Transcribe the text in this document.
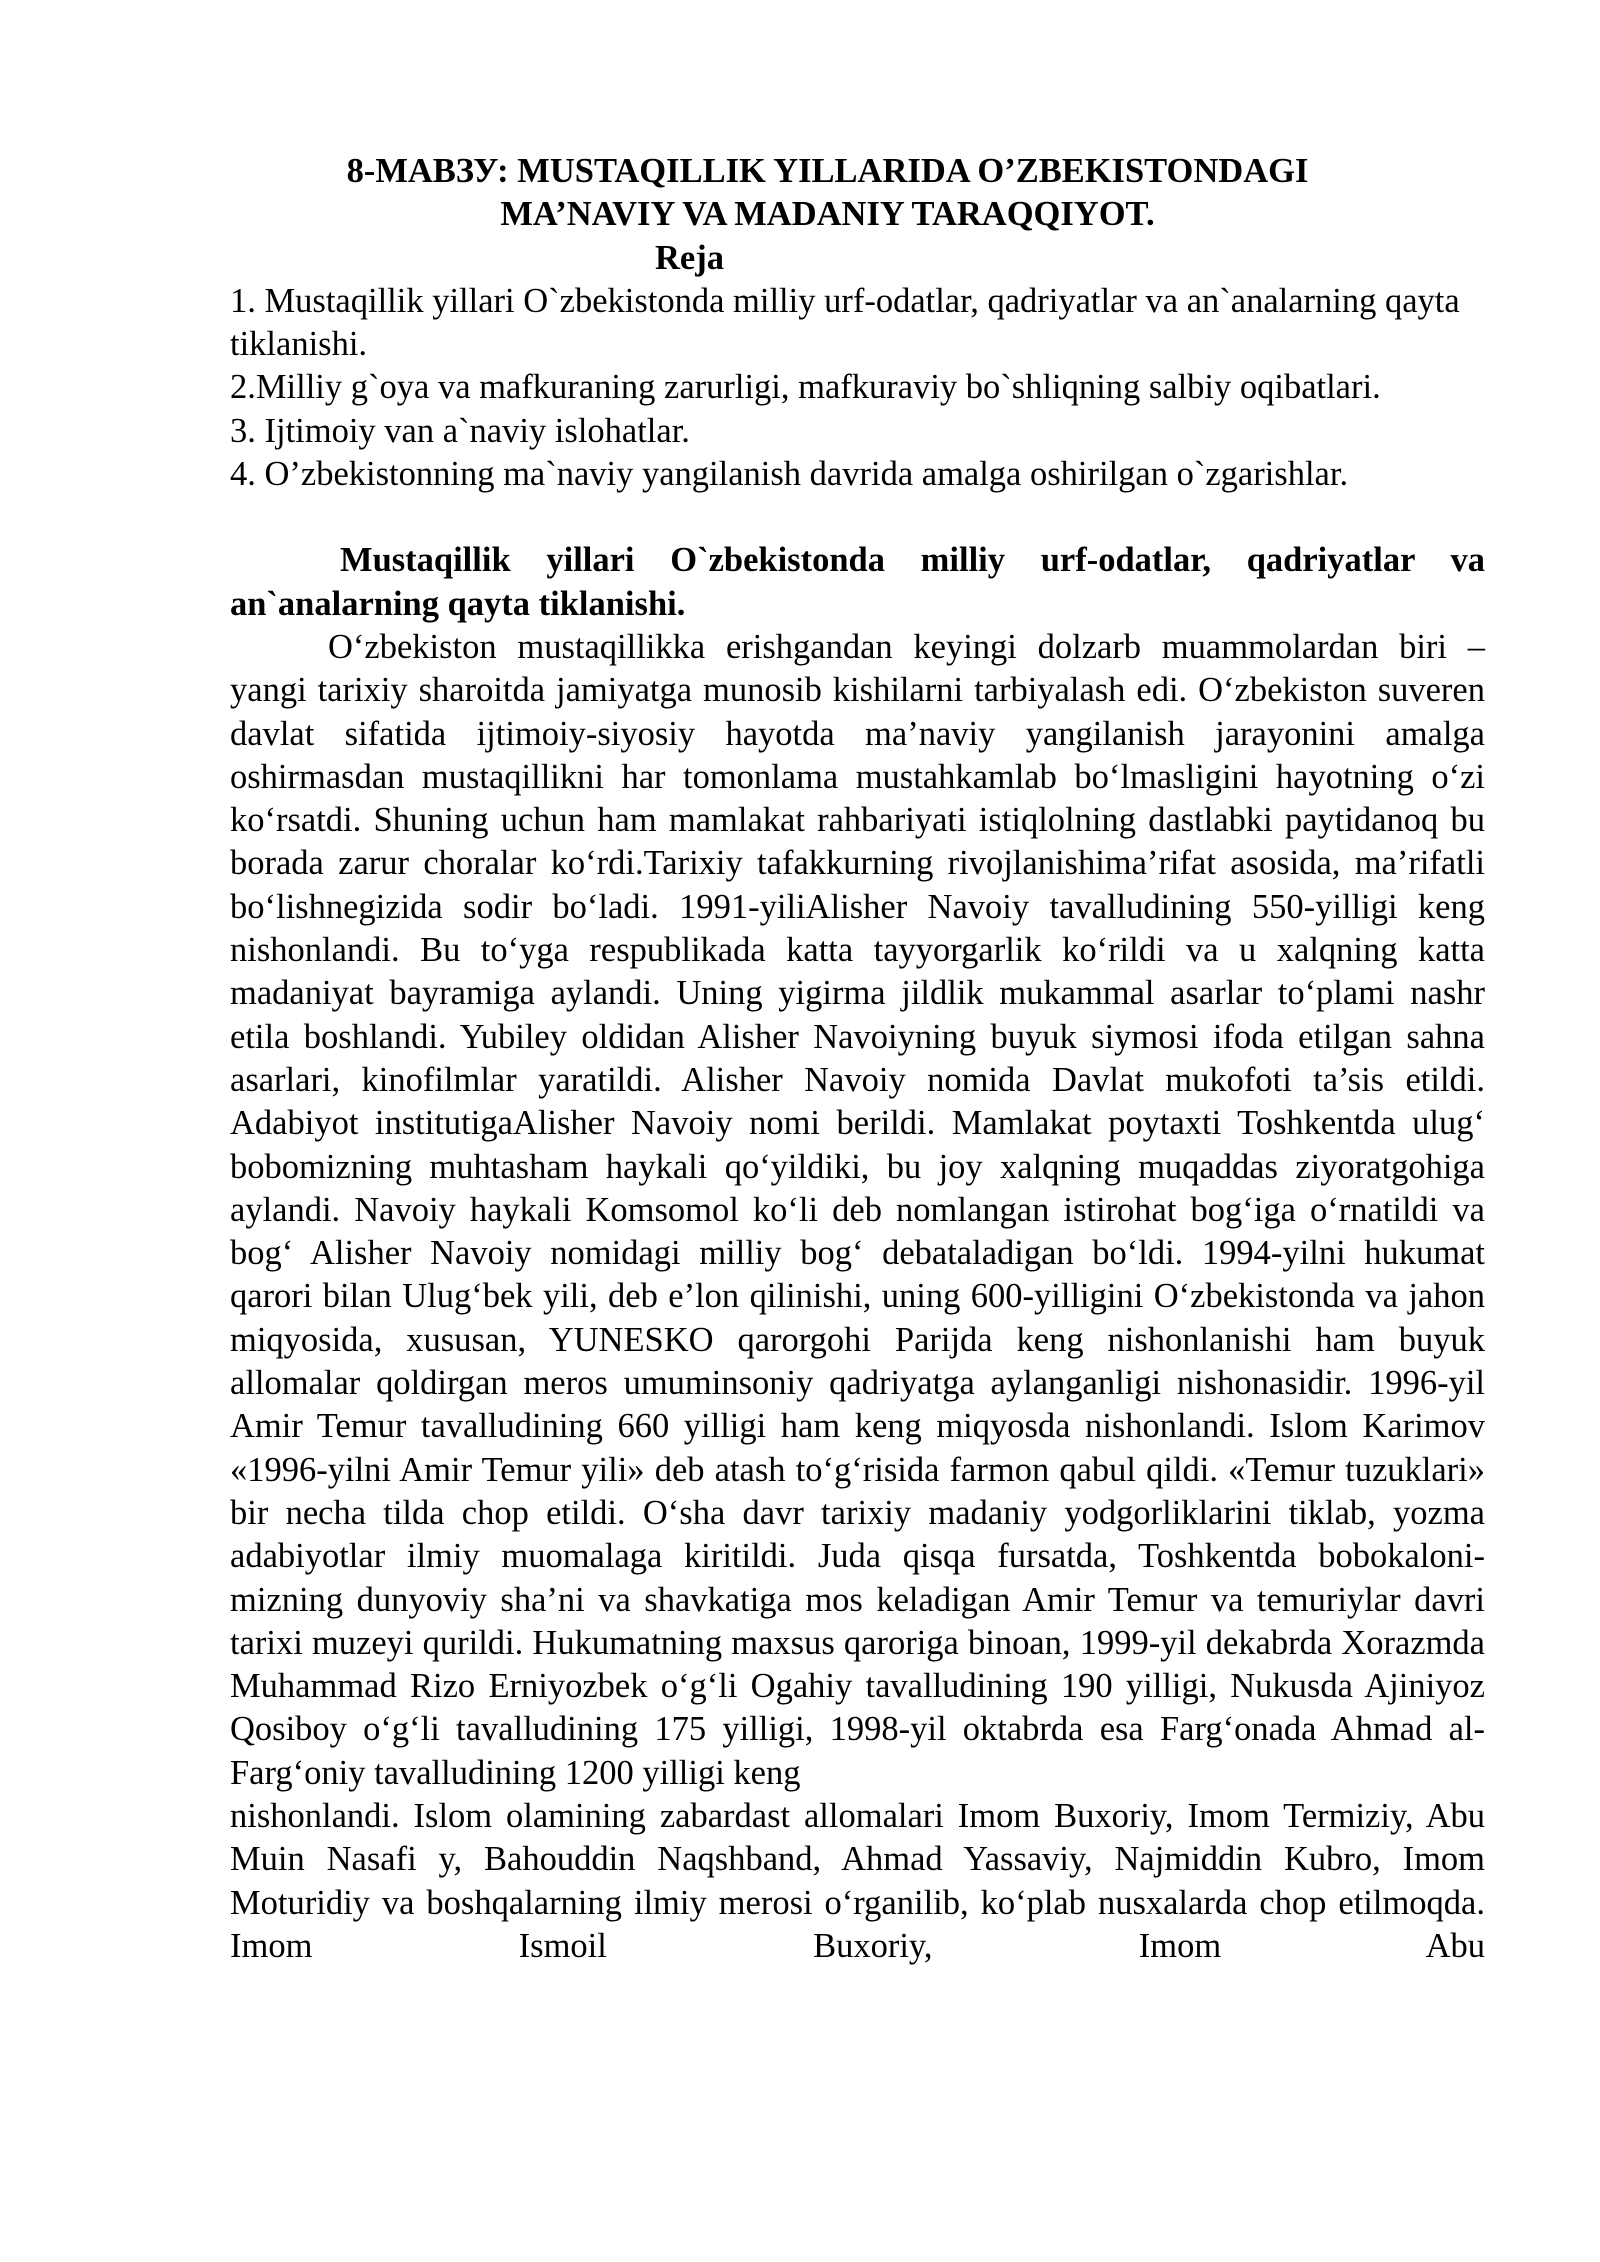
8-МАВЗУ: MUSTAQILLIK YILLARIDA O’ZBEKISTONDAGI
MA’NAVIY VA MADANIY TARAQQIYOT.

Reja

1. Mustaqillik yillari O`zbekistonda milliy urf-odatlar, qadriyatlar va an`analarning qayta tiklanishi.

2.Milliy g`oya va mafkuraning zarurligi, mafkuraviy bo`shliqning salbiy oqibatlari.

3. Ijtimoiy van a`naviy islohatlar.

4. O’zbekistonning ma`naviy yangilanish davrida amalga oshirilgan o`zgarishlar.

Mustaqillik yillari O`zbekistonda milliy urf-odatlar, qadriyatlar va an`analarning qayta tiklanishi.

O‘zbekiston mustaqillikka erishgandan keyingi dolzarb muammolardan biri – yangi tarixiy sharoitda jamiyatga munosib kishilarni tarbiyalash edi. O‘zbekiston suveren davlat sifatida ijtimoiy-siyosiy hayotda ma’naviy yangilanish jarayonini amalga oshirmasdan mustaqillikni har tomonlama mustahkamlab bo‘lmasligini hayotning o‘zi ko‘rsatdi. Shuning uchun ham mamlakat rahbariyati istiqlolning dastlabki paytidanoq bu borada zarur choralar ko‘rdi.Tarixiy tafakkurning rivojlanishima’rifat asosida, ma’rifatli bo‘lishnegizida sodir bo‘ladi. 1991-yiliAlisher Navoiy tavalludining 550-yilligi keng nishonlandi. Bu to‘yga respublikada katta tayyorgarlik ko‘rildi va u xalqning katta madaniyat bayramiga aylandi. Uning yigirma jildlik mukammal asarlar to‘plami nashr etila boshlandi. Yubiley oldidan Alisher Navoiyning buyuk siymosi ifoda etilgan sahna asarlari, kinofilmlar yaratildi. Alisher Navoiy nomida Davlat mukofoti ta’sis etildi. Adabiyot institutigaAlisher Navoiy nomi berildi. Mamlakat poytaxti Toshkentda ulug‘ bobomizning muhtasham haykali qo‘yildiki, bu joy xalqning muqaddas ziyoratgohiga aylandi. Navoiy haykali Komsomol ko‘li deb nomlangan istirohat bog‘iga o‘rnatildi va bog‘ Alisher Navoiy nomidagi milliy bog‘ debataladigan bo‘ldi. 1994-yilni hukumat qarori bilan Ulug‘bek yili, deb e’lon qilinishi, uning 600-yilligini O‘zbekistonda va jahon miqyosida, xususan, YUNESKO qarorgohi Parijda keng nishonlanishi ham buyuk allomalar qoldirgan meros umuminsoniy qadriyatga aylanganligi nishonasidir. 1996-yil Amir Temur tavalludining 660 yilligi ham keng miqyosda nishonlandi. Islom Karimov «1996-yilni Amir Temur yili» deb atash to‘g‘risida farmon qabul qildi. «Temur tuzuklari» bir necha tilda chop etildi. O‘sha davr tarixiy madaniy yodgorliklarini tiklab, yozma adabiyotlar ilmiy muomalaga kiritildi. Juda qisqa fursatda, Toshkentda bobokaloni-mizning dunyoviy sha’ni va shavkatiga mos keladigan Amir Temur va temuriylar davri tarixi muzeyi qurildi. Hukumatning maxsus qaroriga binoan, 1999-yil dekabrda Xorazmda Muhammad Rizo Erniyozbek o‘g‘li Ogahiy tavalludining 190 yilligi, Nukusda Ajiniyoz Qosiboy o‘g‘li tavalludining 175 yilligi, 1998-yil oktabrda esa Farg‘onada Ahmad al-Farg‘oniy tavalludining 1200 yilligi keng

nishonlandi. Islom olamining zabardast allomalari Imom Buxoriy, Imom Termiziy, Abu Muin Nasafi y, Bahouddin Naqshband, Ahmad Yassaviy, Najmiddin Kubro, Imom Moturidiy va boshqalarning ilmiy merosi o‘rganilib, ko‘plab nusxalarda chop etilmoqda. Imom Ismoil Buxoriy, Imom Abu
